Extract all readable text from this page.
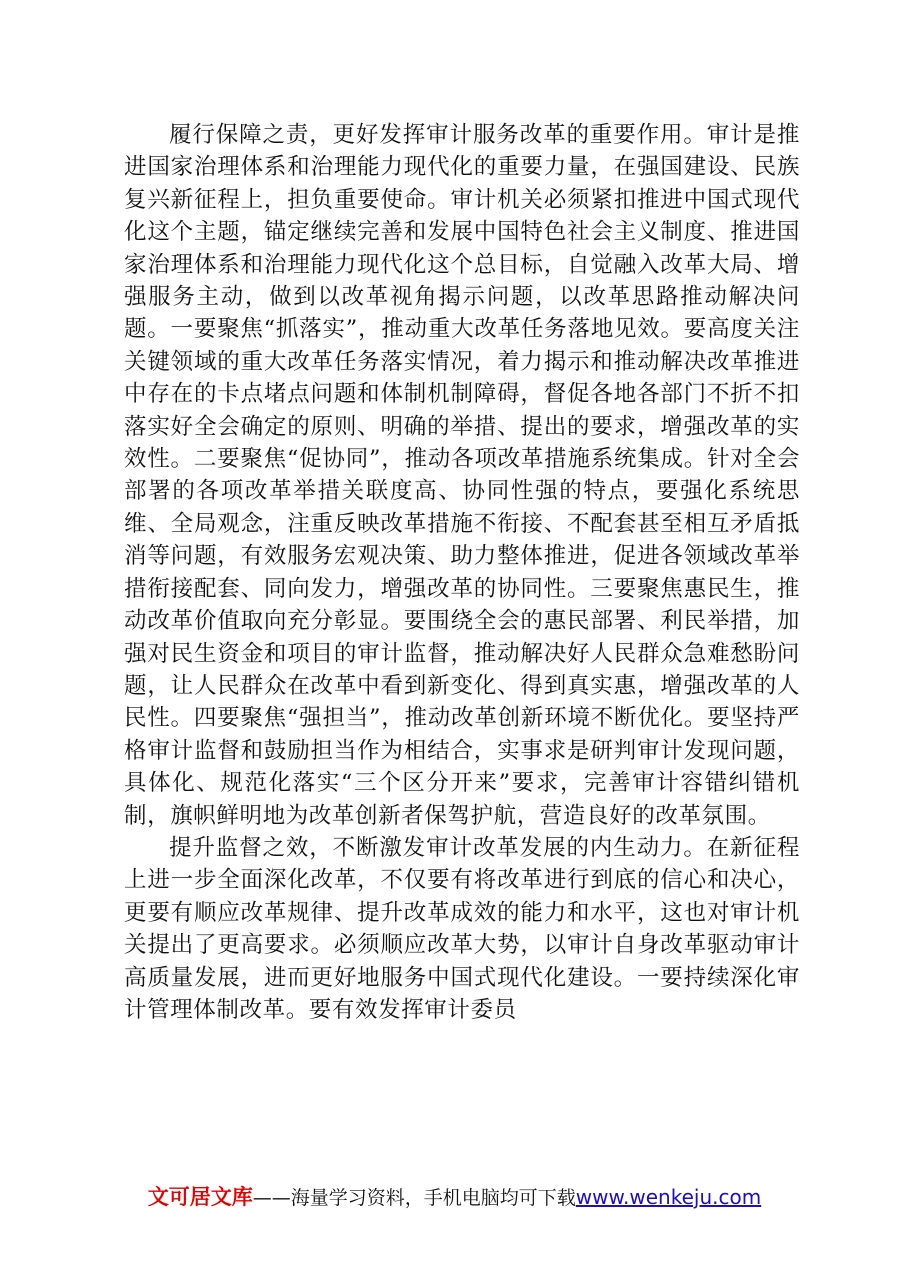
履行保障之责，更好发挥审计服务改革的重要作用。审计是推进国家治理体系和治理能力现代化的重要力量，在强国建设、民族复兴新征程上，担负重要使命。审计机关必须紧扣推进中国式现代化这个主题，锚定继续完善和发展中国特色社会主义制度、推进国家治理体系和治理能力现代化这个总目标，自觉融入改革大局、增强服务主动，做到以改革视角揭示问题，以改革思路推动解决问题。一要聚焦“抓落实”，推动重大改革任务落地见效。要高度关注关键领域的重大改革任务落实情况，着力揭示和推动解决改革推进中存在的卡点堵点问题和体制机制障碍，督促各地各部门不折不扣落实好全会确定的原则、明确的举措、提出的要求，增强改革的实效性。二要聚焦“促协同”，推动各项改革措施系统集成。针对全会部署的各项改革举措关联度高、协同性强的特点，要强化系统思维、全局观念，注重反映改革措施不衔接、不配套甚至相互矛盾抵消等问题，有效服务宏观决策、助力整体推进，促进各领域改革举措衔接配套、同向发力，增强改革的协同性。三要聚焦惠民生，推动改革价值取向充分彰显。要围绕全会的惠民部署、利民举措，加强对民生资金和项目的审计监督，推动解决好人民群众急难愁盼问题，让人民群众在改革中看到新变化、得到真实惠，增强改革的人民性。四要聚焦“强担当”，推动改革创新环境不断优化。要坚持严格审计监督和鼓励担当作为相结合，实事求是研判审计发现问题，具体化、规范化落实“三个区分开来”要求，完善审计容错纠错机制，旗帜鲜明地为改革创新者保驾护航，营造良好的改革氛围。

提升监督之效，不断激发审计改革发展的内生动力。在新征程上进一步全面深化改革，不仅要有将改革进行到底的信心和决心，更要有顺应改革规律、提升改革成效的能力和水平，这也对审计机关提出了更高要求。必须顺应改革大势，以审计自身改革驱动审计高质量发展，进而更好地服务中国式现代化建设。一要持续深化审计管理体制改革。要有效发挥审计委员

文可居文库——海量学习资料，手机电脑均可下载www.wenkeju.com
